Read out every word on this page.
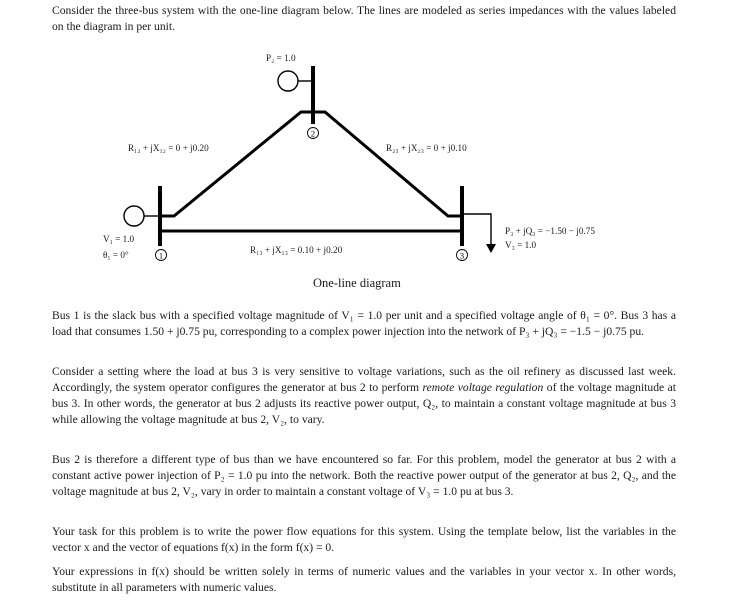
Consider the three-bus system with the one-line diagram below. The lines are modeled as series impedances with the values labeled on the diagram in per unit.
2
1	3
P₂ = 1.0
R₁₂ + jX₁₂ = 0 + j0.20	R₂₃ + jX₂₃ = 0 + j0.10
R₁₃ + jX₁₃ = 0.10 + j0.20
V₁ = 1.0
θ₁ = 0°
P₃ + jQ₃ = −1.50 − j0.75
V₃ = 1.0
One-line diagram
Bus 1 is the slack bus with a specified voltage magnitude of V₁ = 1.0 per unit and a specified voltage angle of θ₁ = 0°. Bus 3 has a load that consumes 1.50 + j0.75 pu, corresponding to a complex power injection into the network of P₃ + jQ₃ = −1.5 − j0.75 pu.
Consider a setting where the load at bus 3 is very sensitive to voltage variations, such as the oil refinery as discussed last week. Accordingly, the system operator configures the generator at bus 2 to perform remote voltage regulation of the voltage magnitude at bus 3. In other words, the generator at bus 2 adjusts its reactive power output, Q₂, to maintain a constant voltage magnitude at bus 3 while allowing the voltage magnitude at bus 2, V₂, to vary.
Bus 2 is therefore a different type of bus than we have encountered so far. For this problem, model the generator at bus 2 with a constant active power injection of P₂ = 1.0 pu into the network. Both the reactive power output of the generator at bus 2, Q₂, and the voltage magnitude at bus 2, V₂, vary in order to maintain a constant voltage of V₃ = 1.0 pu at bus 3.
Your task for this problem is to write the power flow equations for this system. Using the template below, list the variables in the vector x and the vector of equations f(x) in the form f(x) = 0.
Your expressions in f(x) should be written solely in terms of numeric values and the variables in your vector x. In other words, substitute in all parameters with numeric values.
